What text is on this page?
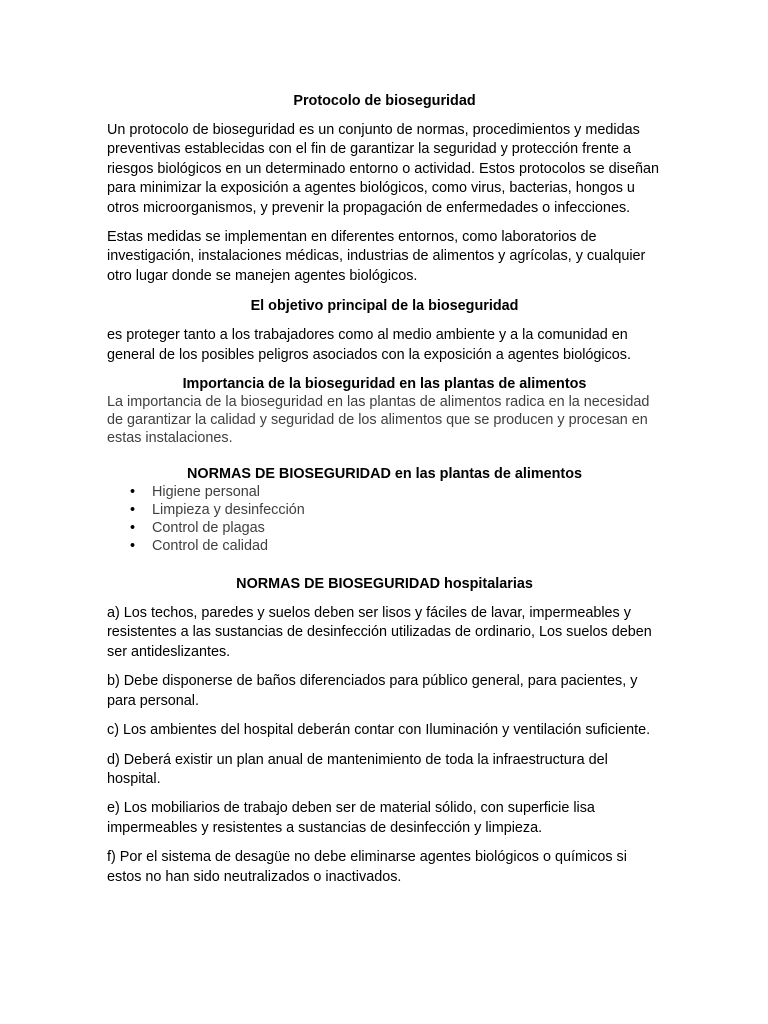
Protocolo de bioseguridad

Un protocolo de bioseguridad es un conjunto de normas, procedimientos y medidas preventivas establecidas con el fin de garantizar la seguridad y protección frente a riesgos biológicos en un determinado entorno o actividad. Estos protocolos se diseñan para minimizar la exposición a agentes biológicos, como virus, bacterias, hongos u otros microorganismos, y prevenir la propagación de enfermedades o infecciones.

Estas medidas se implementan en diferentes entornos, como laboratorios de investigación, instalaciones médicas, industrias de alimentos y agrícolas, y cualquier otro lugar donde se manejen agentes biológicos.

El objetivo principal de la bioseguridad

es proteger tanto a los trabajadores como al medio ambiente y a la comunidad en general de los posibles peligros asociados con la exposición a agentes biológicos.

Importancia de la bioseguridad en las plantas de alimentos

La importancia de la bioseguridad en las plantas de alimentos radica en la necesidad de garantizar la calidad y seguridad de los alimentos que se producen y procesan en estas instalaciones.

NORMAS DE BIOSEGURIDAD en las plantas de alimentos
• Higiene personal
• Limpieza y desinfección
• Control de plagas
• Control de calidad
NORMAS DE BIOSEGURIDAD hospitalarias

a) Los techos, paredes y suelos deben ser lisos y fáciles de lavar, impermeables y resistentes a las sustancias de desinfección utilizadas de ordinario, Los suelos deben ser antideslizantes.

b) Debe disponerse de baños diferenciados para público general, para pacientes, y para personal.

c) Los ambientes del hospital deberán contar con Iluminación y ventilación suficiente.

d) Deberá existir un plan anual de mantenimiento de toda la infraestructura del hospital.

e) Los mobiliarios de trabajo deben ser de material sólido, con superficie lisa impermeables y resistentes a sustancias de desinfección y limpieza.

f) Por el sistema de desagüe no debe eliminarse agentes biológicos o químicos si estos no han sido neutralizados o inactivados.
